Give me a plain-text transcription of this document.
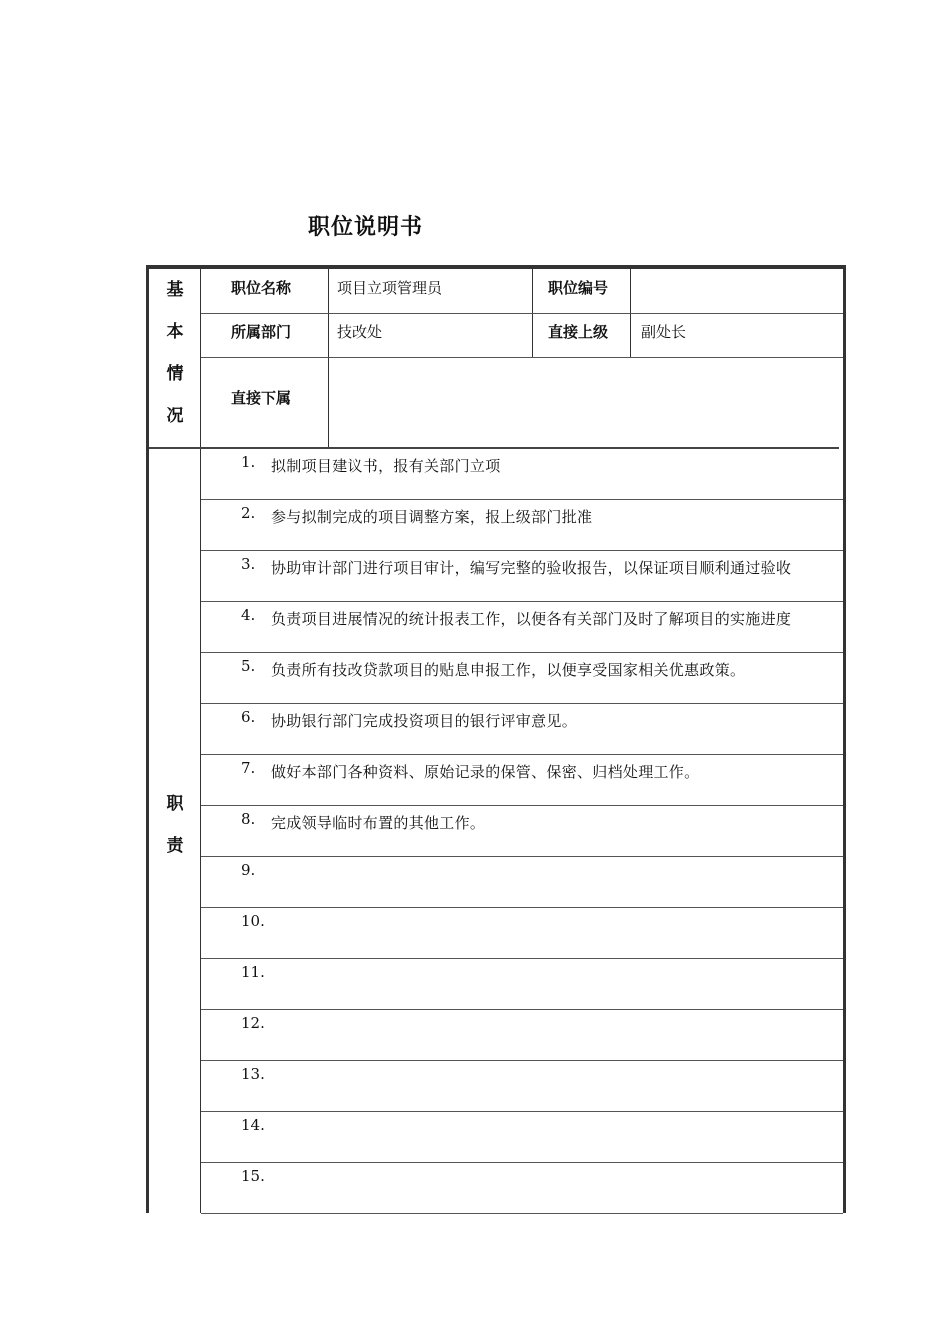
职位说明书
基
本
情
况
职位名称	项目立项管理员	职位编号
所属部门	技改处	直接上级 副处长
直接下属
职
责
1. 拟制项目建议书，报有关部门立项
2. 参与拟制完成的项目调整方案，报上级部门批准
3. 协助审计部门进行项目审计，编写完整的验收报告，以保证项目顺利通过验收
4. 负责项目进展情况的统计报表工作，以便各有关部门及时了解项目的实施进度
5. 负责所有技改贷款项目的贴息申报工作，以便享受国家相关优惠政策。
6. 协助银行部门完成投资项目的银行评审意见。
7. 做好本部门各种资料、原始记录的保管、保密、归档处理工作。
8. 完成领导临时布置的其他工作。
9.
10.
11.
12.
13.
14.
15.
